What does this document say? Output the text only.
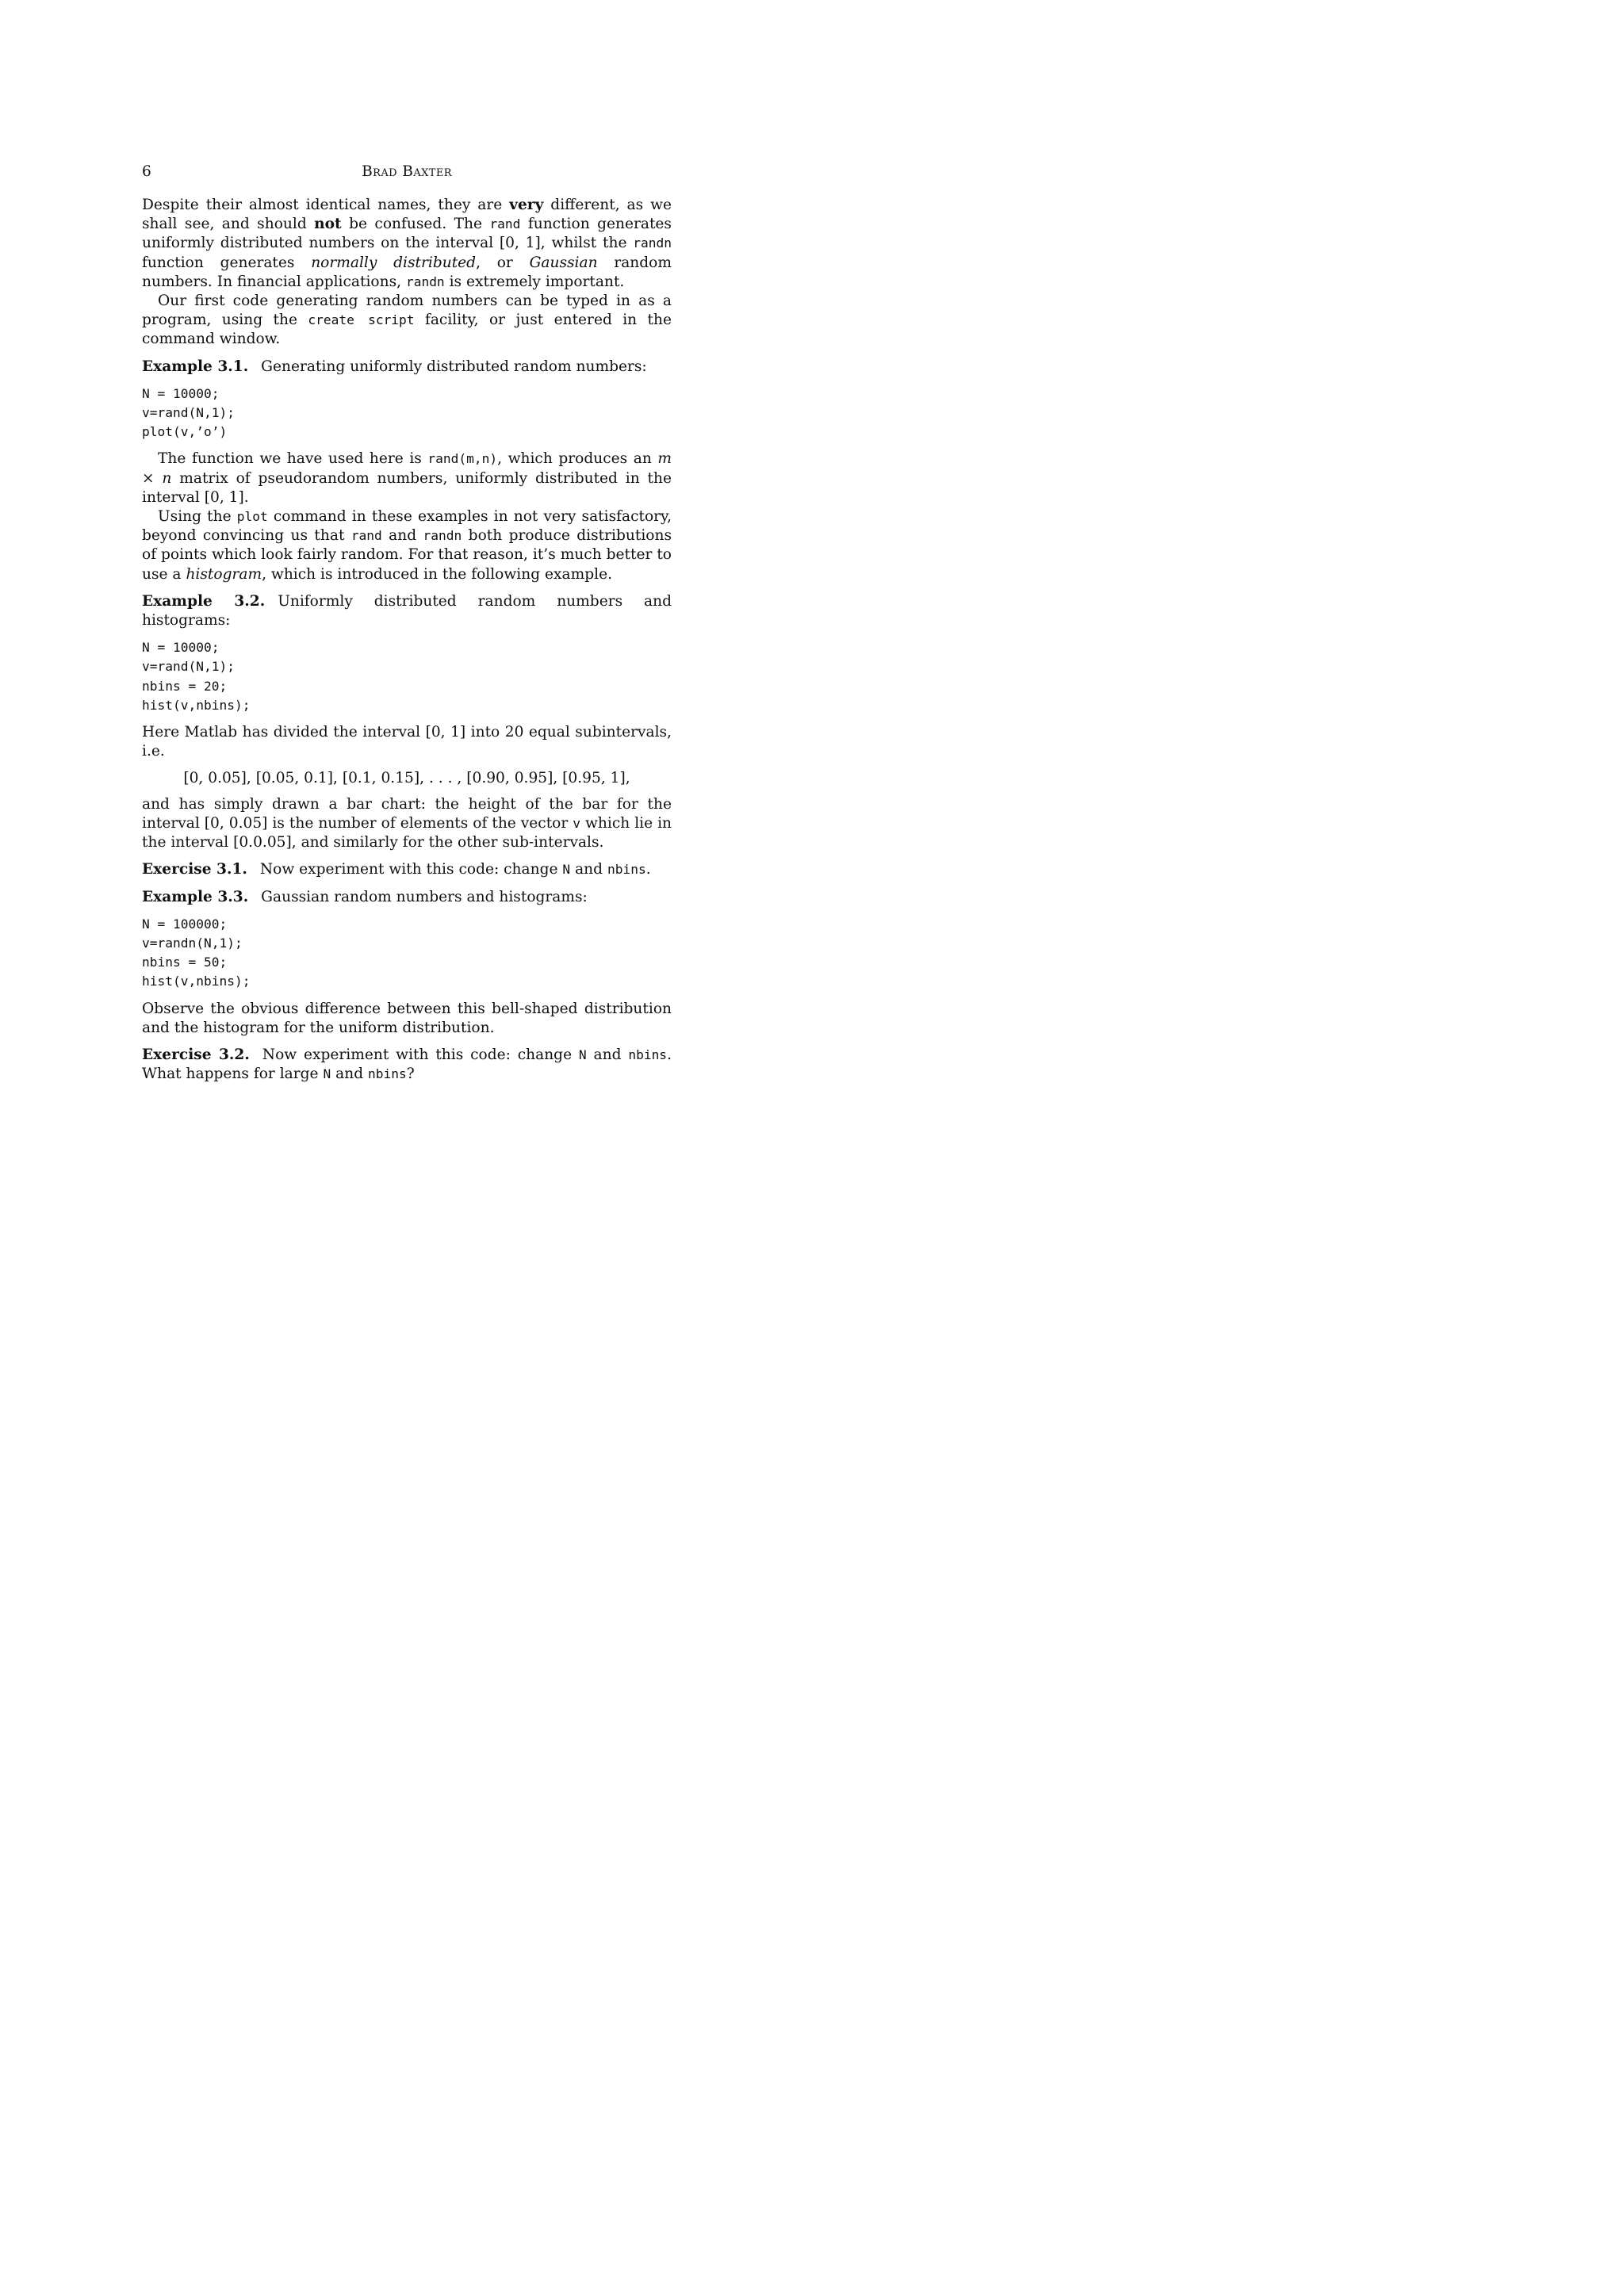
6	Brad Baxter

Despite their almost identical names, they are very different, as we shall see, and should not be confused. The rand function generates uniformly distributed numbers on the interval [0, 1], whilst the randn function generates normally distributed, or Gaussian random numbers. In financial applications, randn is extremely important.

Our first code generating random numbers can be typed in as a program, using the create script facility, or just entered in the command window.

Example 3.1. Generating uniformly distributed random numbers:

N = 10000;
v=rand(N,1);
plot(v,’o’)

The function we have used here is rand(m,n), which produces an m × n matrix of pseudorandom numbers, uniformly distributed in the interval [0, 1].

Using the plot command in these examples in not very satisfactory, beyond convincing us that rand and randn both produce distributions of points which look fairly random. For that reason, it’s much better to use a histogram, which is introduced in the following example.

Example 3.2. Uniformly distributed random numbers and histograms:

N = 10000;
v=rand(N,1);
nbins = 20;
hist(v,nbins);

Here Matlab has divided the interval [0, 1] into 20 equal subintervals, i.e.

[0, 0.05], [0.05, 0.1], [0.1, 0.15], . . . , [0.90, 0.95], [0.95, 1],

and has simply drawn a bar chart: the height of the bar for the interval [0, 0.05] is the number of elements of the vector v which lie in the interval [0.0.05], and similarly for the other sub-intervals.

Exercise 3.1. Now experiment with this code: change N and nbins.

Example 3.3. Gaussian random numbers and histograms:

N = 100000;
v=randn(N,1);
nbins = 50;
hist(v,nbins);

Observe the obvious difference between this bell-shaped distribution and the histogram for the uniform distribution.

Exercise 3.2. Now experiment with this code: change N and nbins. What happens for large N and nbins?
